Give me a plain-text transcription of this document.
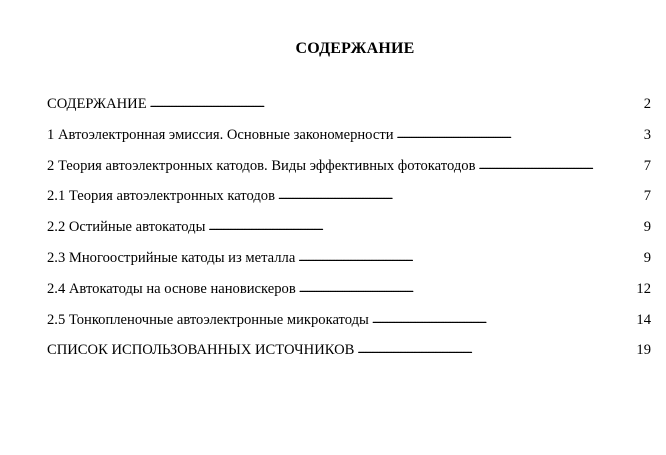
СОДЕРЖАНИЕ
СОДЕРЖАНИЕ . . .	2
1 Автоэлектронная эмиссия. Основные закономерности . . .	3
2 Теория автоэлектронных катодов. Виды эффективных фотокатодов . . .	7
2.1 Теория автоэлектронных катодов . . .	7
2.2 Остийные автокатоды . . .	9
2.3 Многоострийные катоды из металла . . .	9
2.4 Автокатоды на основе нановискеров . . .	12
2.5 Тонкопленочные автоэлектронные микрокатоды . . .	14
СПИСОК ИСПОЛЬЗОВАННЫХ ИСТОЧНИКОВ . . .	19
